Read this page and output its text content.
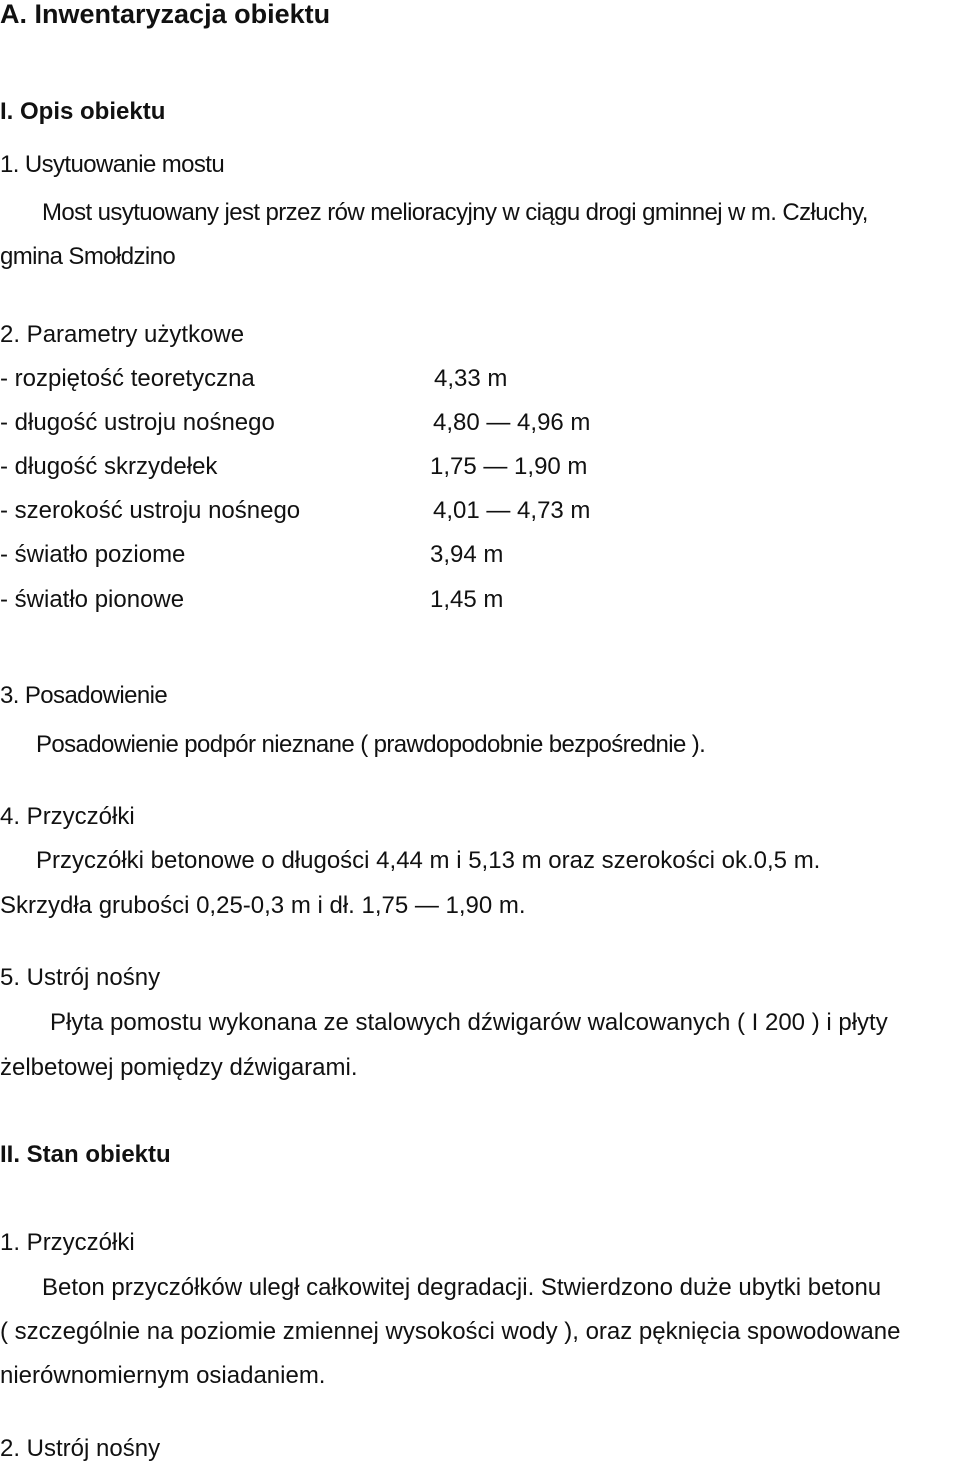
A. Inwentaryzacja obiektu
I. Opis obiektu
1. Usytuowanie mostu
Most usytuowany jest przez rów melioracyjny w ciągu drogi gminnej w m. Człuchy,
gmina Smołdzino
2. Parametry użytkowe
- rozpiętość teoretyczna	4,33 m
- długość ustroju nośnego	4,80 — 4,96 m
- długość skrzydełek	1,75 — 1,90 m
- szerokość ustroju nośnego	4,01 — 4,73 m
- światło poziome	3,94 m
- światło pionowe	1,45 m
3. Posadowienie
Posadowienie podpór nieznane ( prawdopodobnie bezpośrednie ).
4. Przyczółki
Przyczółki betonowe o długości 4,44 m i 5,13 m oraz szerokości ok.0,5 m.
Skrzydła grubości 0,25-0,3 m i dł. 1,75 — 1,90 m.
5. Ustrój nośny
Płyta pomostu wykonana ze stalowych dźwigarów walcowanych ( I 200 ) i płyty
żelbetowej pomiędzy dźwigarami.
II. Stan obiektu
1. Przyczółki
Beton przyczółków uległ całkowitej degradacji. Stwierdzono duże ubytki betonu
( szczególnie na poziomie zmiennej wysokości wody ), oraz pęknięcia spowodowane
nierównomiernym osiadaniem.
2. Ustrój nośny
